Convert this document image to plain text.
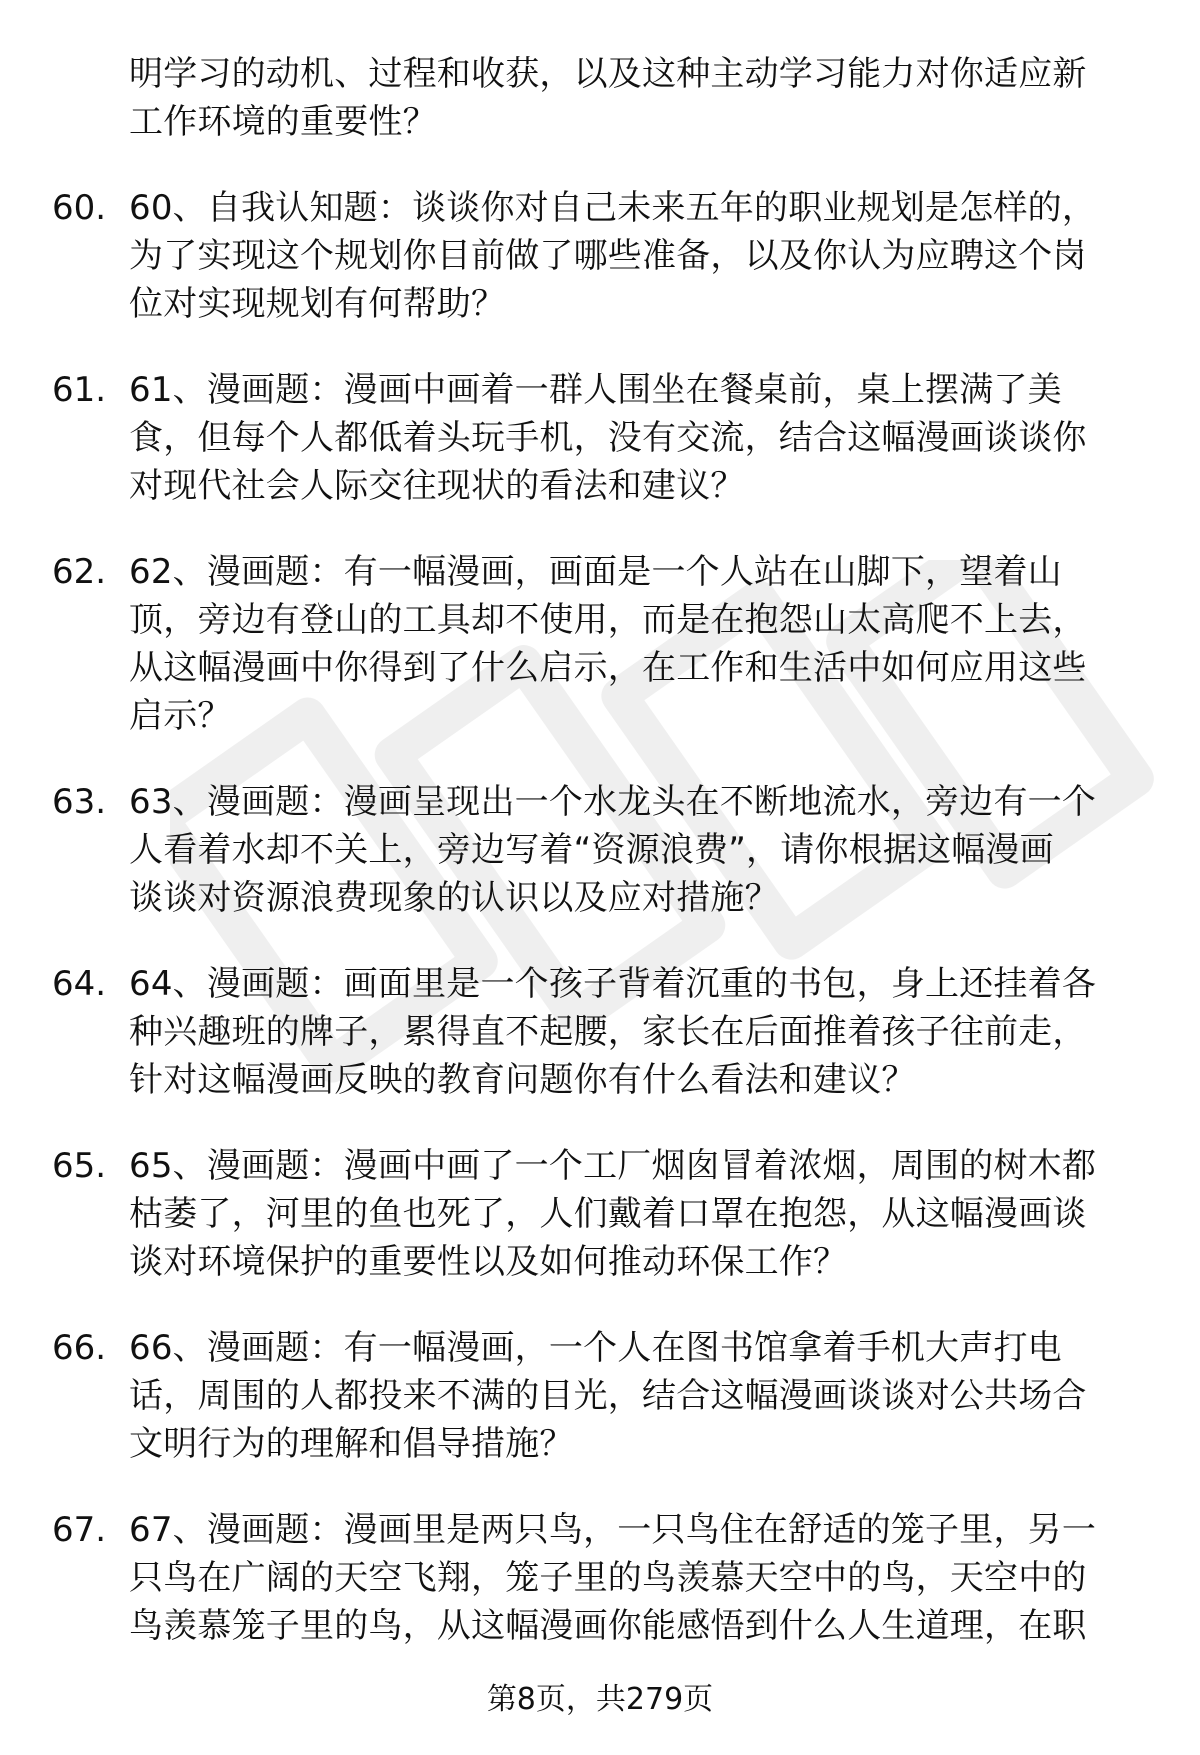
明学习的动机、过程和收获，以及这种主动学习能力对你适应新
工作环境的重要性？
60. 60、自我认知题：谈谈你对自己未来五年的职业规划是怎样的，
为了实现这个规划你目前做了哪些准备，以及你认为应聘这个岗
位对实现规划有何帮助？
61. 61、漫画题：漫画中画着一群人围坐在餐桌前，桌上摆满了美
食，但每个人都低着头玩手机，没有交流，结合这幅漫画谈谈你
对现代社会人际交往现状的看法和建议？
62. 62、漫画题：有一幅漫画，画面是一个人站在山脚下，望着山
顶，旁边有登山的工具却不使用，而是在抱怨山太高爬不上去，
从这幅漫画中你得到了什么启示，在工作和生活中如何应用这些
启示？
63. 63、漫画题：漫画呈现出一个水龙头在不断地流水，旁边有一个
人看着水却不关上，旁边写着“资源浪费”，请你根据这幅漫画
谈谈对资源浪费现象的认识以及应对措施？
64. 64、漫画题：画面里是一个孩子背着沉重的书包，身上还挂着各
种兴趣班的牌子，累得直不起腰，家长在后面推着孩子往前走，
针对这幅漫画反映的教育问题你有什么看法和建议？
65. 65、漫画题：漫画中画了一个工厂烟囱冒着浓烟，周围的树木都
枯萎了，河里的鱼也死了，人们戴着口罩在抱怨，从这幅漫画谈
谈对环境保护的重要性以及如何推动环保工作？
66. 66、漫画题：有一幅漫画，一个人在图书馆拿着手机大声打电
话，周围的人都投来不满的目光，结合这幅漫画谈谈对公共场合
文明行为的理解和倡导措施？
67. 67、漫画题：漫画里是两只鸟，一只鸟住在舒适的笼子里，另一
只鸟在广阔的天空飞翔，笼子里的鸟羡慕天空中的鸟，天空中的
鸟羡慕笼子里的鸟，从这幅漫画你能感悟到什么人生道理，在职
第8页，共279页
